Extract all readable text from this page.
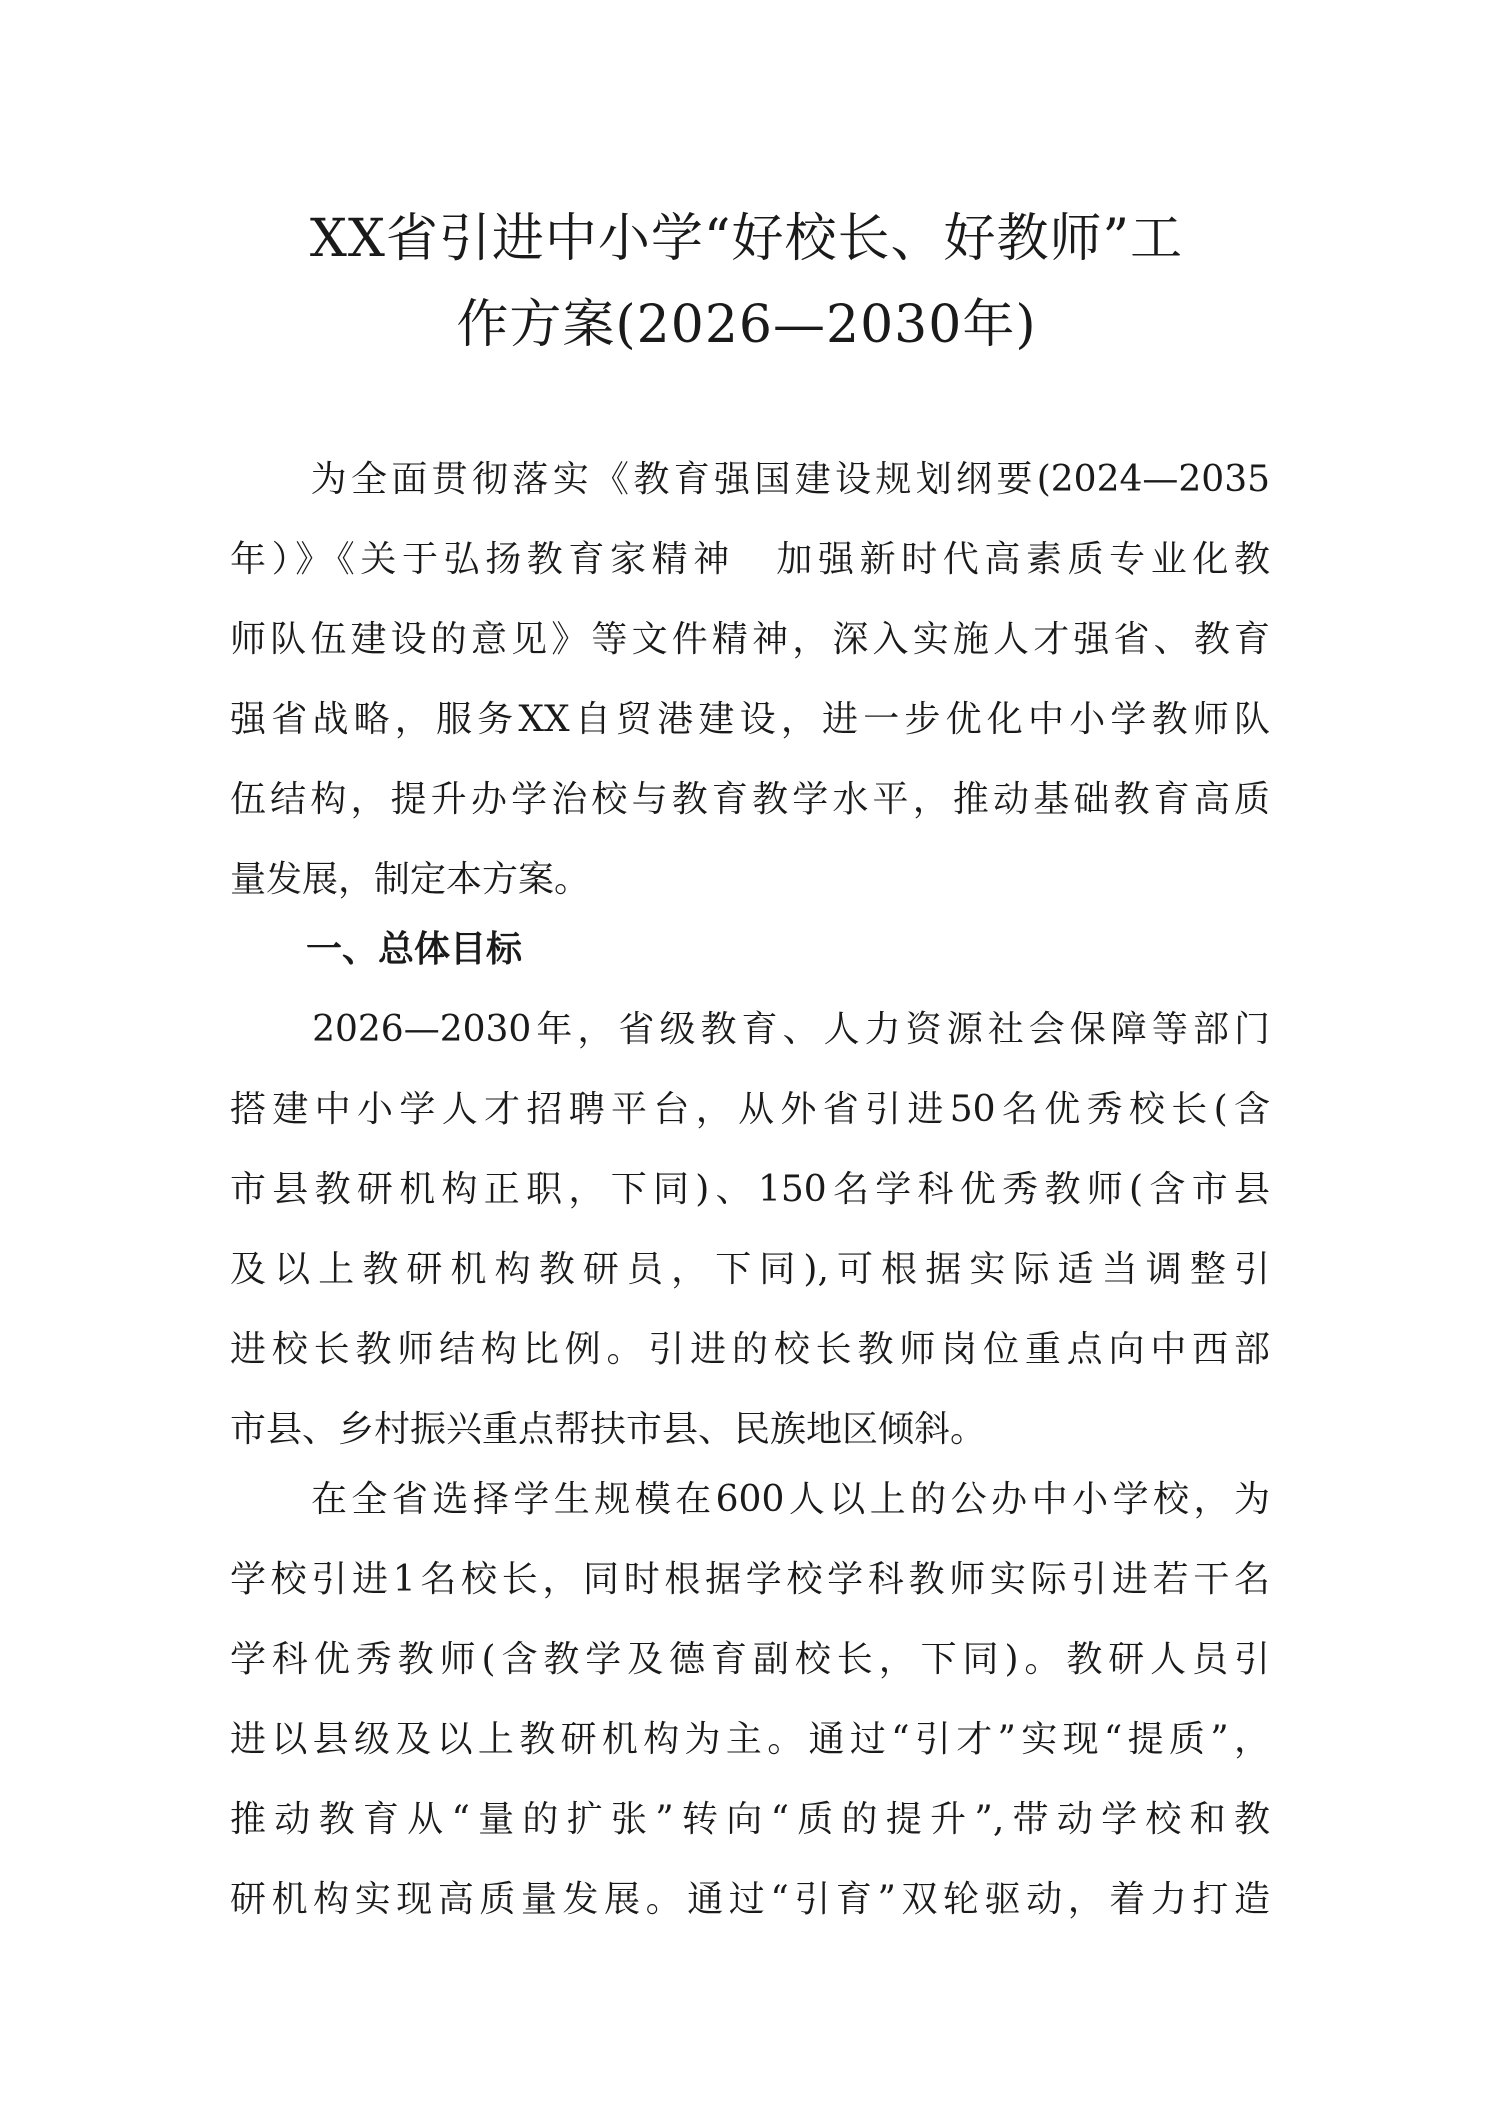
XX省引进中小学“好校长、好教师”工
作方案(2026—2030年)
　　为全面贯彻落实《教育强国建设规划纲要(2024—2035
年）》《关于弘扬教育家精神　加强新时代高素质专业化教
师队伍建设的意见》等文件精神，深入实施人才强省、教育
强省战略，服务XX自贸港建设，进一步优化中小学教师队
伍结构，提升办学治校与教育教学水平，推动基础教育高质
量发展，制定本方案。
一、总体目标
　　2026—2030年，省级教育、人力资源社会保障等部门
搭建中小学人才招聘平台，从外省引进50名优秀校长(含
市县教研机构正职，下同)、150名学科优秀教师(含市县
及以上教研机构教研员，下同),可根据实际适当调整引
进校长教师结构比例。引进的校长教师岗位重点向中西部
市县、乡村振兴重点帮扶市县、民族地区倾斜。
　　在全省选择学生规模在600人以上的公办中小学校，为
学校引进1名校长，同时根据学校学科教师实际引进若干名
学科优秀教师(含教学及德育副校长，下同)。教研人员引
进以县级及以上教研机构为主。通过“引才”实现“提质”，
推动教育从“量的扩张”转向“质的提升”,带动学校和教
研机构实现高质量发展。通过“引育”双轮驱动，着力打造
